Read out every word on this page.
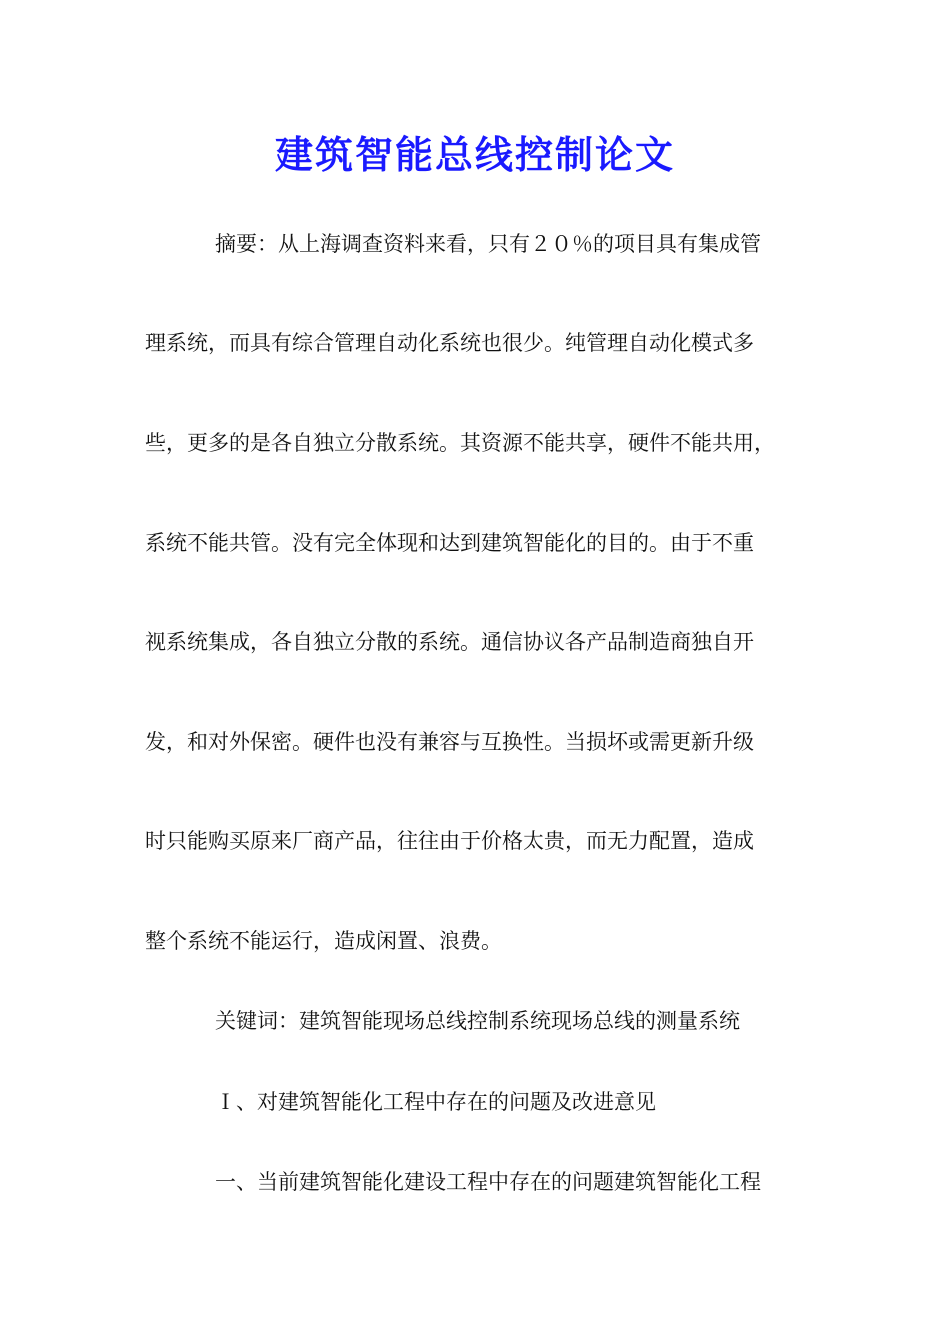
建筑智能总线控制论文

摘要：从上海调查资料来看，只有２０％的项目具有集成管

理系统，而具有综合管理自动化系统也很少。纯管理自动化模式多

些，更多的是各自独立分散系统。其资源不能共享，硬件不能共用，

系统不能共管。没有完全体现和达到建筑智能化的目的。由于不重

视系统集成，各自独立分散的系统。通信协议各产品制造商独自开

发，和对外保密。硬件也没有兼容与互换性。当损坏或需更新升级

时只能购买原来厂商产品，往往由于价格太贵，而无力配置，造成

整个系统不能运行，造成闲置、浪费。

关键词：建筑智能现场总线控制系统现场总线的测量系统

Ｉ、对建筑智能化工程中存在的问题及改进意见

一、当前建筑智能化建设工程中存在的问题建筑智能化工程
